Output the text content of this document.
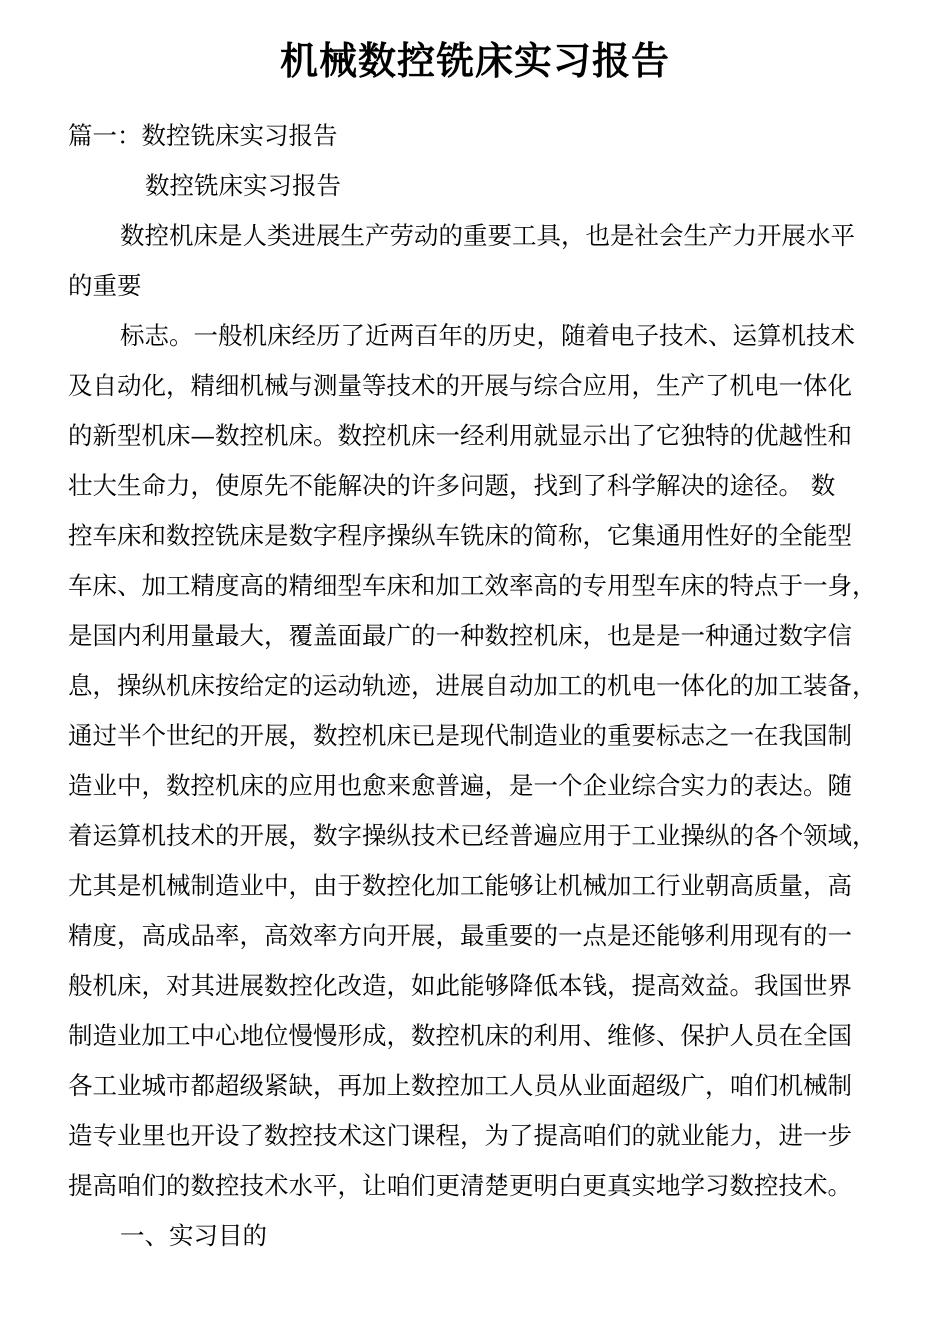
机械数控铣床实习报告
篇一：数控铣床实习报告
数控铣床实习报告
数控机床是人类进展生产劳动的重要工具，也是社会生产力开展水平
的重要
标志。一般机床经历了近两百年的历史，随着电子技术、运算机技术
及自动化，精细机械与测量等技术的开展与综合应用，生产了机电一体化
的新型机床—数控机床。数控机床一经利用就显示出了它独特的优越性和
壮大生命力，使原先不能解决的许多问题，找到了科学解决的途径。 数
控车床和数控铣床是数字程序操纵车铣床的简称，它集通用性好的全能型
车床、加工精度高的精细型车床和加工效率高的专用型车床的特点于一身，
是国内利用量最大，覆盖面最广的一种数控机床，也是是一种通过数字信
息，操纵机床按给定的运动轨迹，进展自动加工的机电一体化的加工装备，
通过半个世纪的开展，数控机床已是现代制造业的重要标志之一在我国制
造业中，数控机床的应用也愈来愈普遍，是一个企业综合实力的表达。随
着运算机技术的开展，数字操纵技术已经普遍应用于工业操纵的各个领域，
尤其是机械制造业中，由于数控化加工能够让机械加工行业朝高质量，高
精度，高成品率，高效率方向开展，最重要的一点是还能够利用现有的一
般机床，对其进展数控化改造，如此能够降低本钱，提高效益。我国世界
制造业加工中心地位慢慢形成，数控机床的利用、维修、保护人员在全国
各工业城市都超级紧缺，再加上数控加工人员从业面超级广，咱们机械制
造专业里也开设了数控技术这门课程，为了提高咱们的就业能力，进一步
提高咱们的数控技术水平，让咱们更清楚更明白更真实地学习数控技术。
一、实习目的
